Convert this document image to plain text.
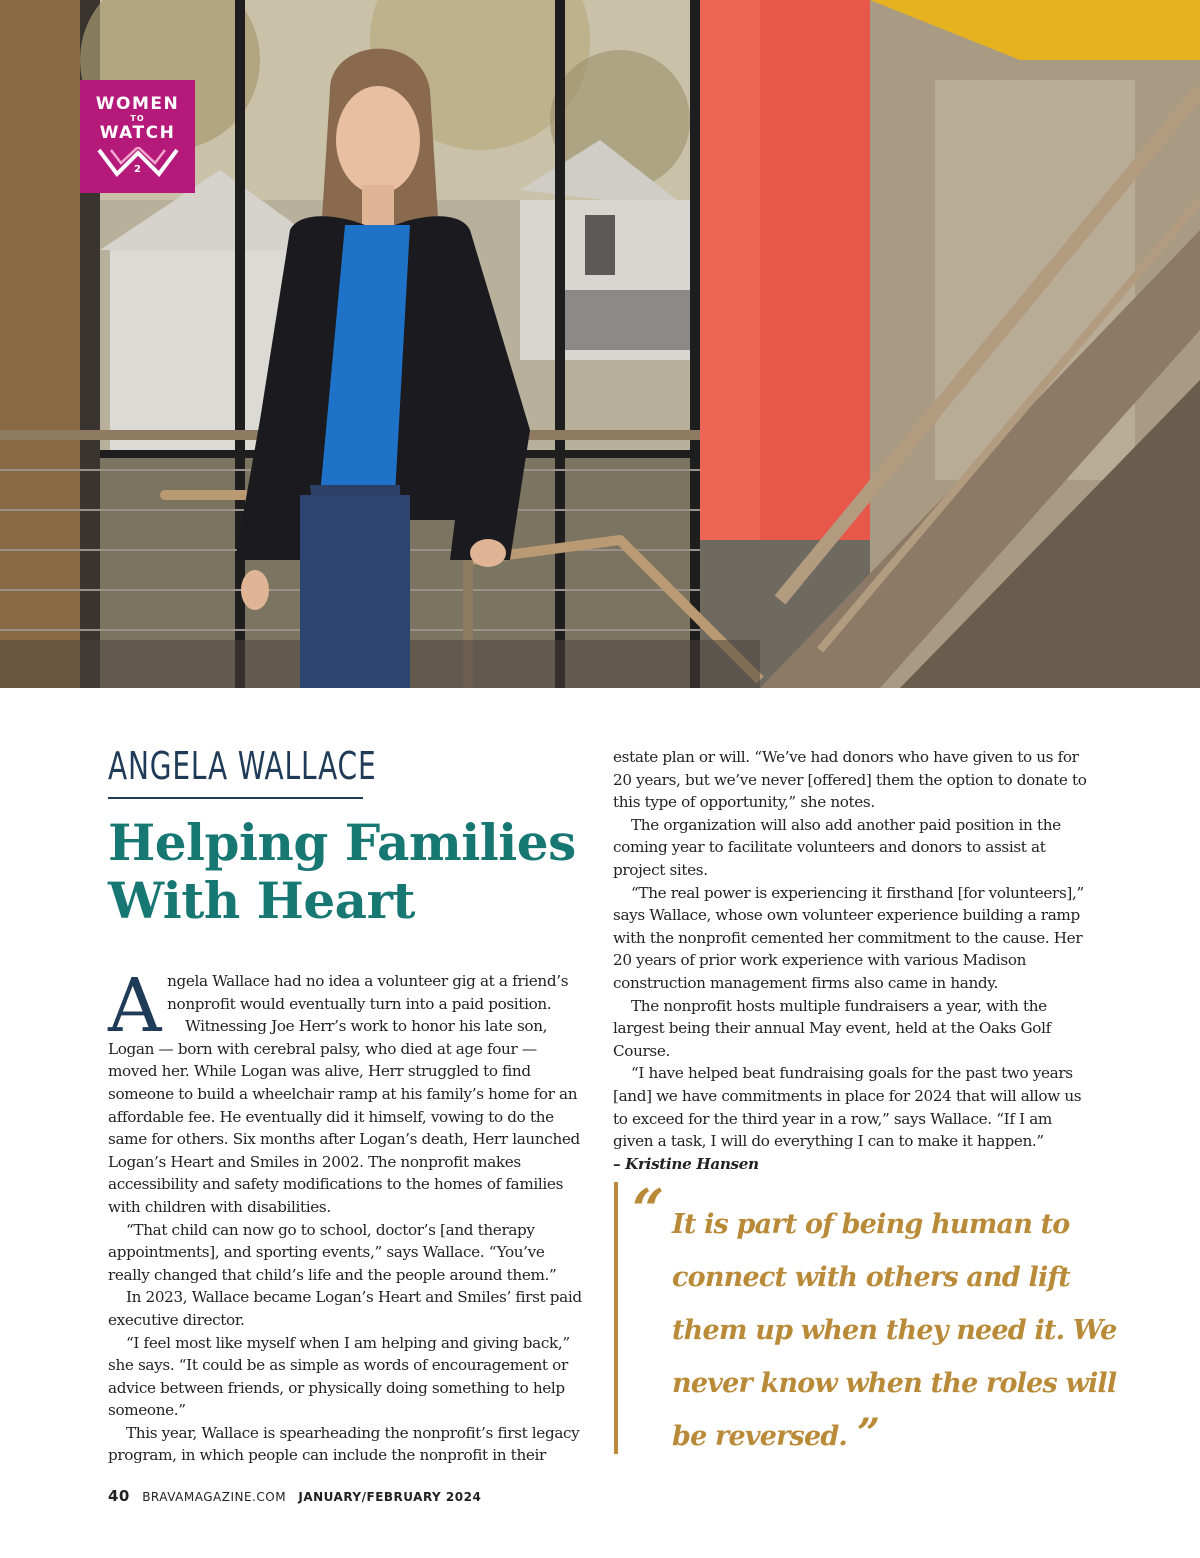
WOMEN
TO
WATCH
2
ANGELA WALLACE
Helping Families
With Heart

Angela Wallace had no idea a volunteer gig at a friend’s nonprofit would eventually turn into a paid position.

Witnessing Joe Herr’s work to honor his late son, Logan — born with cerebral palsy, who died at age four — moved her. While Logan was alive, Herr struggled to find someone to build a wheelchair ramp at his family’s home for an affordable fee. He eventually did it himself, vowing to do the same for others. Six months after Logan’s death, Herr launched Logan’s Heart and Smiles in 2002. The nonprofit makes accessibility and safety modifications to the homes of families with children with disabilities.

“That child can now go to school, doctor’s [and therapy appointments], and sporting events,” says Wallace. “You’ve really changed that child’s life and the people around them.”

In 2023, Wallace became Logan’s Heart and Smiles’ first paid executive director.

“I feel most like myself when I am helping and giving back,” she says. “It could be as simple as words of encouragement or advice between friends, or physically doing something to help someone.”

This year, Wallace is spearheading the nonprofit’s first legacy program, in which people can include the nonprofit in their

estate plan or will. “We’ve had donors who have given to us for 20 years, but we’ve never [offered] them the option to donate to this type of opportunity,” she notes.

The organization will also add another paid position in the coming year to facilitate volunteers and donors to assist at project sites.

“The real power is experiencing it firsthand [for volunteers],” says Wallace, whose own volunteer experience building a ramp with the nonprofit cemented her commitment to the cause. Her 20 years of prior work experience with various Madison construction management firms also came in handy.

The nonprofit hosts multiple fundraisers a year, with the largest being their annual May event, held at the Oaks Golf Course.

“I have helped beat fundraising goals for the past two years [and] we have commitments in place for 2024 that will allow us to exceed for the third year in a row,” says Wallace. “If I am given a task, I will do everything I can to make it happen.”

– Kristine Hansen

“ It is part of being human to connect with others and lift them up when they need it. We never know when the roles will be reversed. ”

40 BRAVAMAGAZINE.COM JANUARY/FEBRUARY 2024
